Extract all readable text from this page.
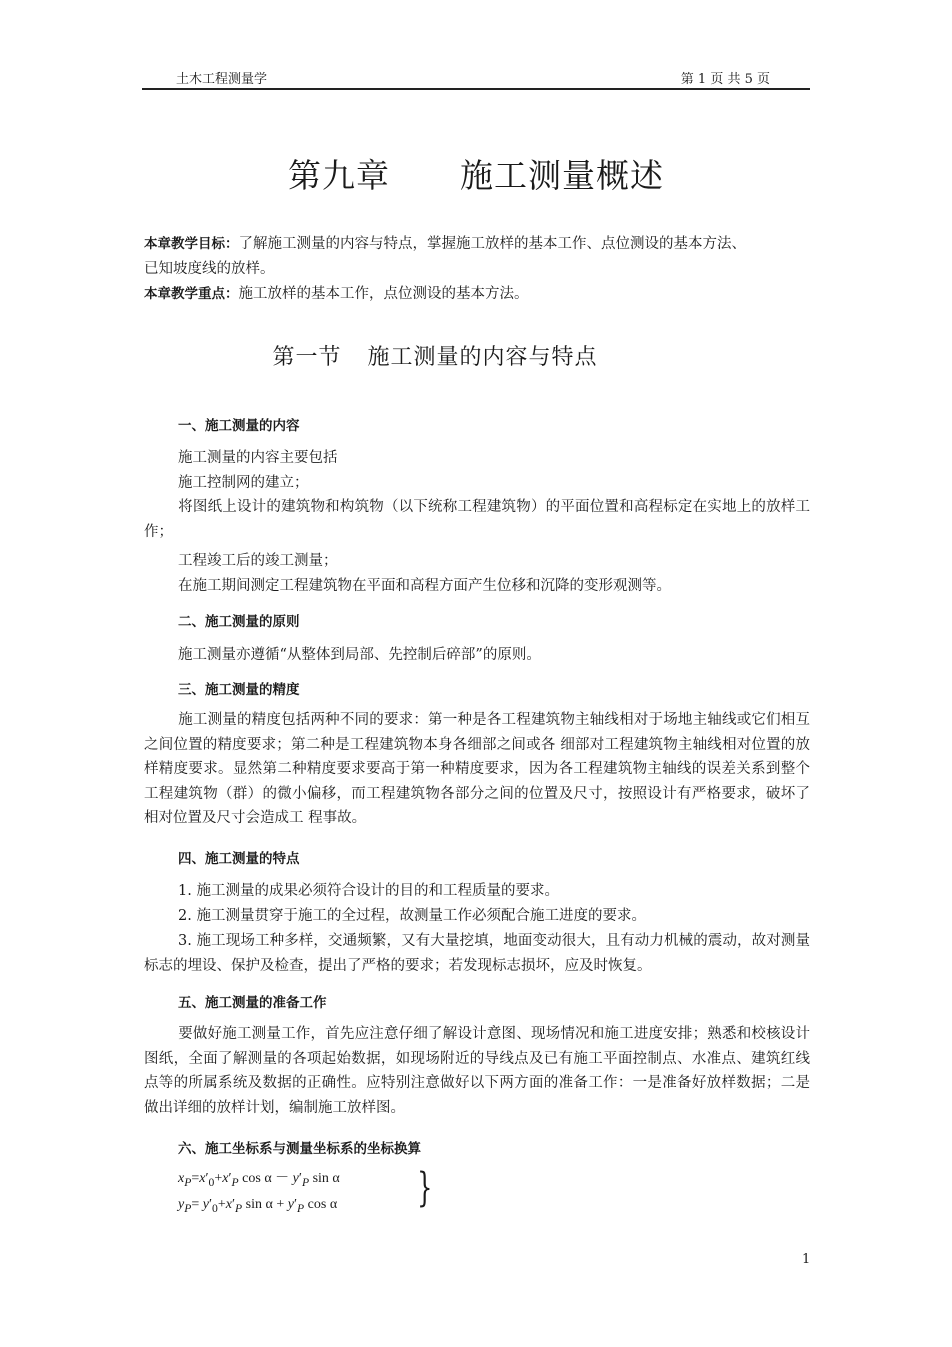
土木工程测量学	第 1 页 共 5 页
第九章 施工测量概述
本章教学目标：了解施工测量的内容与特点，掌握施工放样的基本工作、点位测设的基本方法、
已知坡度线的放样。
本章教学重点：施工放样的基本工作，点位测设的基本方法。
第一节 施工测量的内容与特点
一、施工测量的内容
施工测量的内容主要包括
施工控制网的建立；
将图纸上设计的建筑物和构筑物（以下统称工程建筑物）的平面位置和高程标定在实地上的放样工作；
工程竣工后的竣工测量；
在施工期间测定工程建筑物在平面和高程方面产生位移和沉降的变形观测等。
二、施工测量的原则
施工测量亦遵循“从整体到局部、先控制后碎部”的原则。
三、施工测量的精度
施工测量的精度包括两种不同的要求：第一种是各工程建筑物主轴线相对于场地主轴线或它们相互之间位置的精度要求；第二种是工程建筑物本身各细部之间或各 细部对工程建筑物主轴线相对位置的放样精度要求。显然第二种精度要求要高于第一种精度要求，因为各工程建筑物主轴线的误差关系到整个工程建筑物（群）的微小偏移，而工程建筑物各部分之间的位置及尺寸，按照设计有严格要求，破坏了相对位置及尺寸会造成工 程事故。
四、施工测量的特点
1. 施工测量的成果必须符合设计的目的和工程质量的要求。
2. 施工测量贯穿于施工的全过程，故测量工作必须配合施工进度的要求。
3. 施工现场工种多样，交通频繁，又有大量挖填，地面变动很大，且有动力机械的震动，故对测量标志的埋设、保护及检查，提出了严格的要求；若发现标志损坏，应及时恢复。
五、施工测量的准备工作
要做好施工测量工作，首先应注意仔细了解设计意图、现场情况和施工进度安排；熟悉和校核设计图纸，全面了解测量的各项起始数据，如现场附近的导线点及已有施工平面控制点、水准点、建筑红线点等的所属系统及数据的正确性。应特别注意做好以下两方面的准备工作：一是准备好放样数据；二是做出详细的放样计划，编制施工放样图。
六、施工坐标系与测量坐标系的坐标换算
$x_P=x'_0+x'_P$ $\cos \alpha - y'_P$ sin α
$y_P= y'_0+x'_P$ $\sin \alpha + y'_P$ cos α }
1
